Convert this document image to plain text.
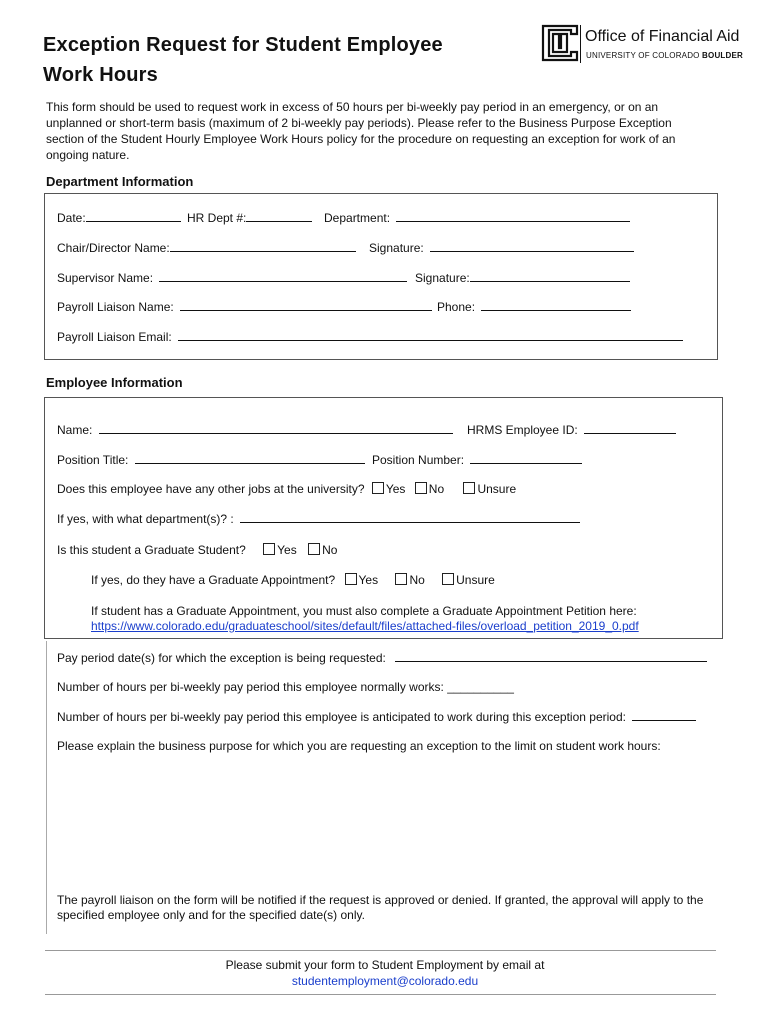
Exception Request for Student Employee
Work Hours
Office of Financial Aid
UNIVERSITY OF COLORADO BOULDER

This form should be used to request work in excess of 50 hours per bi-weekly pay period in an emergency, or on an unplanned or short-term basis (maximum of 2 bi-weekly pay periods). Please refer to the Business Purpose Exception section of the Student Hourly Employee Work Hours policy for the procedure on requesting an exception for work of an ongoing nature.

Department Information
Date:	HR Dept #:	Department:
Chair/Director Name:	Signature:
Supervisor Name:	Signature:
Payroll Liaison Name:	Phone:
Payroll Liaison Email:
Employee Information
Name:	HRMS Employee ID:
Position Title:	Position Number:
Does this employee have any other jobs at the university? Yes No	Unsure
If yes, with what department(s)? :
Is this student a Graduate Student?	Yes No
If yes, do they have a Graduate Appointment? Yes	No	Unsure
If student has a Graduate Appointment, you must also complete a Graduate Appointment Petition here:
https://www.colorado.edu/graduateschool/sites/default/files/attached-files/overload_petition_2019_0.pdf
Pay period date(s) for which the exception is being requested:
Number of hours per bi-weekly pay period this employee normally works: __________
Number of hours per bi-weekly pay period this employee is anticipated to work during this exception period:
Please explain the business purpose for which you are requesting an exception to the limit on student work hours:

The payroll liaison on the form will be notified if the request is approved or denied. If granted, the approval will apply to the specified employee only and for the specified date(s) only.

Please submit your form to Student Employment by email at
studentemployment@colorado.edu
